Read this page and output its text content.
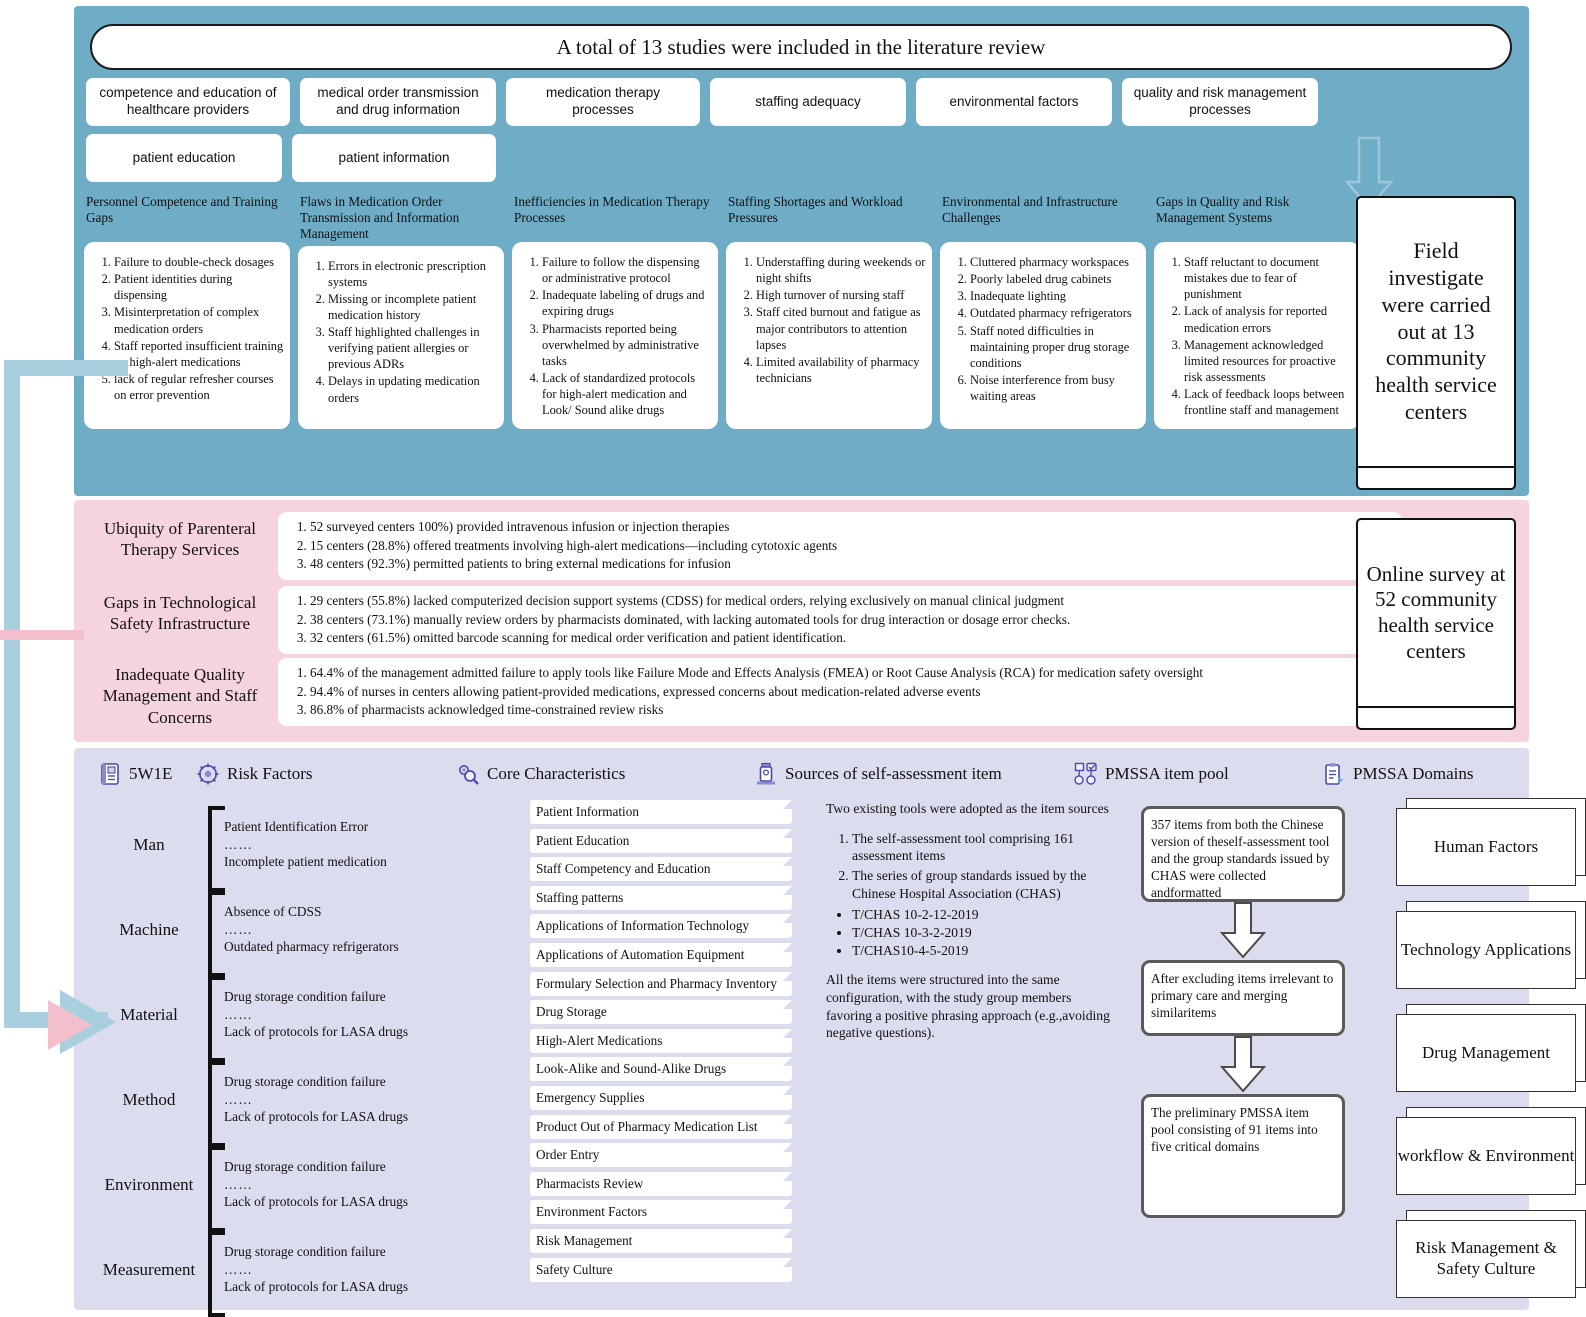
A total of 13 studies were included in the literature review
competence and education of healthcare providers
medical order transmission and drug information
medication therapy processes
staffing adequacy	environmental factors
quality and risk management processes
patient education	patient information
Personnel Competence and Training Gaps
1. Failure to double-check dosages
2. Patient identities during dispensing
3. Misinterpretation of complex medication orders
4. Staff reported insufficient training on high-alert medications
5. lack of regular refresher courses on error prevention
Flaws in Medication Order Transmission and Information Management
1. Errors in electronic prescription systems
2. Missing or incomplete patient medication history
3. Staff highlighted challenges in verifying patient allergies or previous ADRs
4. Delays in updating medication orders
Inefficiencies in Medication Therapy Processes
1. Failure to follow the dispensing or administrative protocol
2. Inadequate labeling of drugs and expiring drugs
3. Pharmacists reported being overwhelmed by administrative tasks
4. Lack of standardized protocols for high-alert medication and Look/ Sound alike drugs
Staffing Shortages and Workload Pressures
1. Understaffing during weekends or night shifts
2. High turnover of nursing staff
3. Staff cited burnout and fatigue as major contributors to attention lapses
4. Limited availability of pharmacy technicians
Environmental and Infrastructure Challenges
1. Cluttered pharmacy workspaces
2. Poorly labeled drug cabinets
3. Inadequate lighting
4. Outdated pharmacy refrigerators
5. Staff noted difficulties in maintaining proper drug storage conditions
6. Noise interference from busy waiting areas
Gaps in Quality and Risk Management Systems
1. Staff reluctant to document mistakes due to fear of punishment
2. Lack of analysis for reported medication errors
3. Management acknowledged limited resources for proactive risk assessments
4. Lack of feedback loops between frontline staff and management
Field investigate were carried out at 13 community health service centers
Ubiquity of Parenteral Therapy Services
1. 52 surveyed centers 100%) provided intravenous infusion or injection therapies
2. 15 centers (28.8%) offered treatments involving high-alert medications—including cytotoxic agents
3. 48 centers (92.3%) permitted patients to bring external medications for infusion
Gaps in Technological Safety Infrastructure
1. 29 centers (55.8%) lacked computerized decision support systems (CDSS) for medical orders, relying exclusively on manual clinical judgment
2. 38 centers (73.1%) manually review orders by pharmacists dominated, with lacking automated tools for drug interaction or dosage error checks.
3. 32 centers (61.5%) omitted barcode scanning for medical order verification and patient identification.
Inadequate Quality Management and Staff Concerns
1. 64.4% of the management admitted failure to apply tools like Failure Mode and Effects Analysis (FMEA) or Root Cause Analysis (RCA) for medication safety oversight
2. 94.4% of nurses in centers allowing patient-provided medications, expressed concerns about medication-related adverse events
3. 86.8% of pharmacists acknowledged time-constrained review risks
Online survey at 52 community health service centers
5W1E	Risk Factors	Core Characteristics	Sources of self-assessment item	PMSSA item pool	PMSSA Domains
Man
Patient Identification Error
……
Incomplete patient medication
Machine
Absence of CDSS
……
Outdated pharmacy refrigerators
Material
Drug storage condition failure
……
Lack of protocols for LASA drugs
Method
Drug storage condition failure
……
Lack of protocols for LASA drugs
Environment
Drug storage condition failure
……
Lack of protocols for LASA drugs
Measurement
Drug storage condition failure
……
Lack of protocols for LASA drugs
Patient Information
Patient Education
Staff Competency and Education
Staffing patterns
Applications of Information Technology
Applications of Automation Equipment
Formulary Selection and Pharmacy Inventory
Drug Storage
High-Alert Medications
Look-Alike and Sound-Alike Drugs
Emergency Supplies
Product Out of Pharmacy Medication List
Order Entry
Pharmacists Review
Environment Factors
Risk Management
Safety Culture

Two existing tools were adopted as the item sources

1. The self-assessment tool comprising 161 assessment items
2. The series of group standards issued by the Chinese Hospital Association (CHAS)
• T/CHAS 10-2-12-2019
• T/CHAS 10-3-2-2019
• T/CHAS10-4-5-2019

All the items were structured into the same configuration, with the study group members favoring a positive phrasing approach (e.g.,avoiding negative questions).

357 items from both the Chinese version of theself-assessment tool and the group standards issued by CHAS were collected andformatted
After excluding items irrelevant to primary care and merging similaritems
The preliminary PMSSA item pool consisting of 91 items into five critical domains
Human Factors
Technology Applications
Drug Management
workflow & Environment
Risk Management & Safety Culture
